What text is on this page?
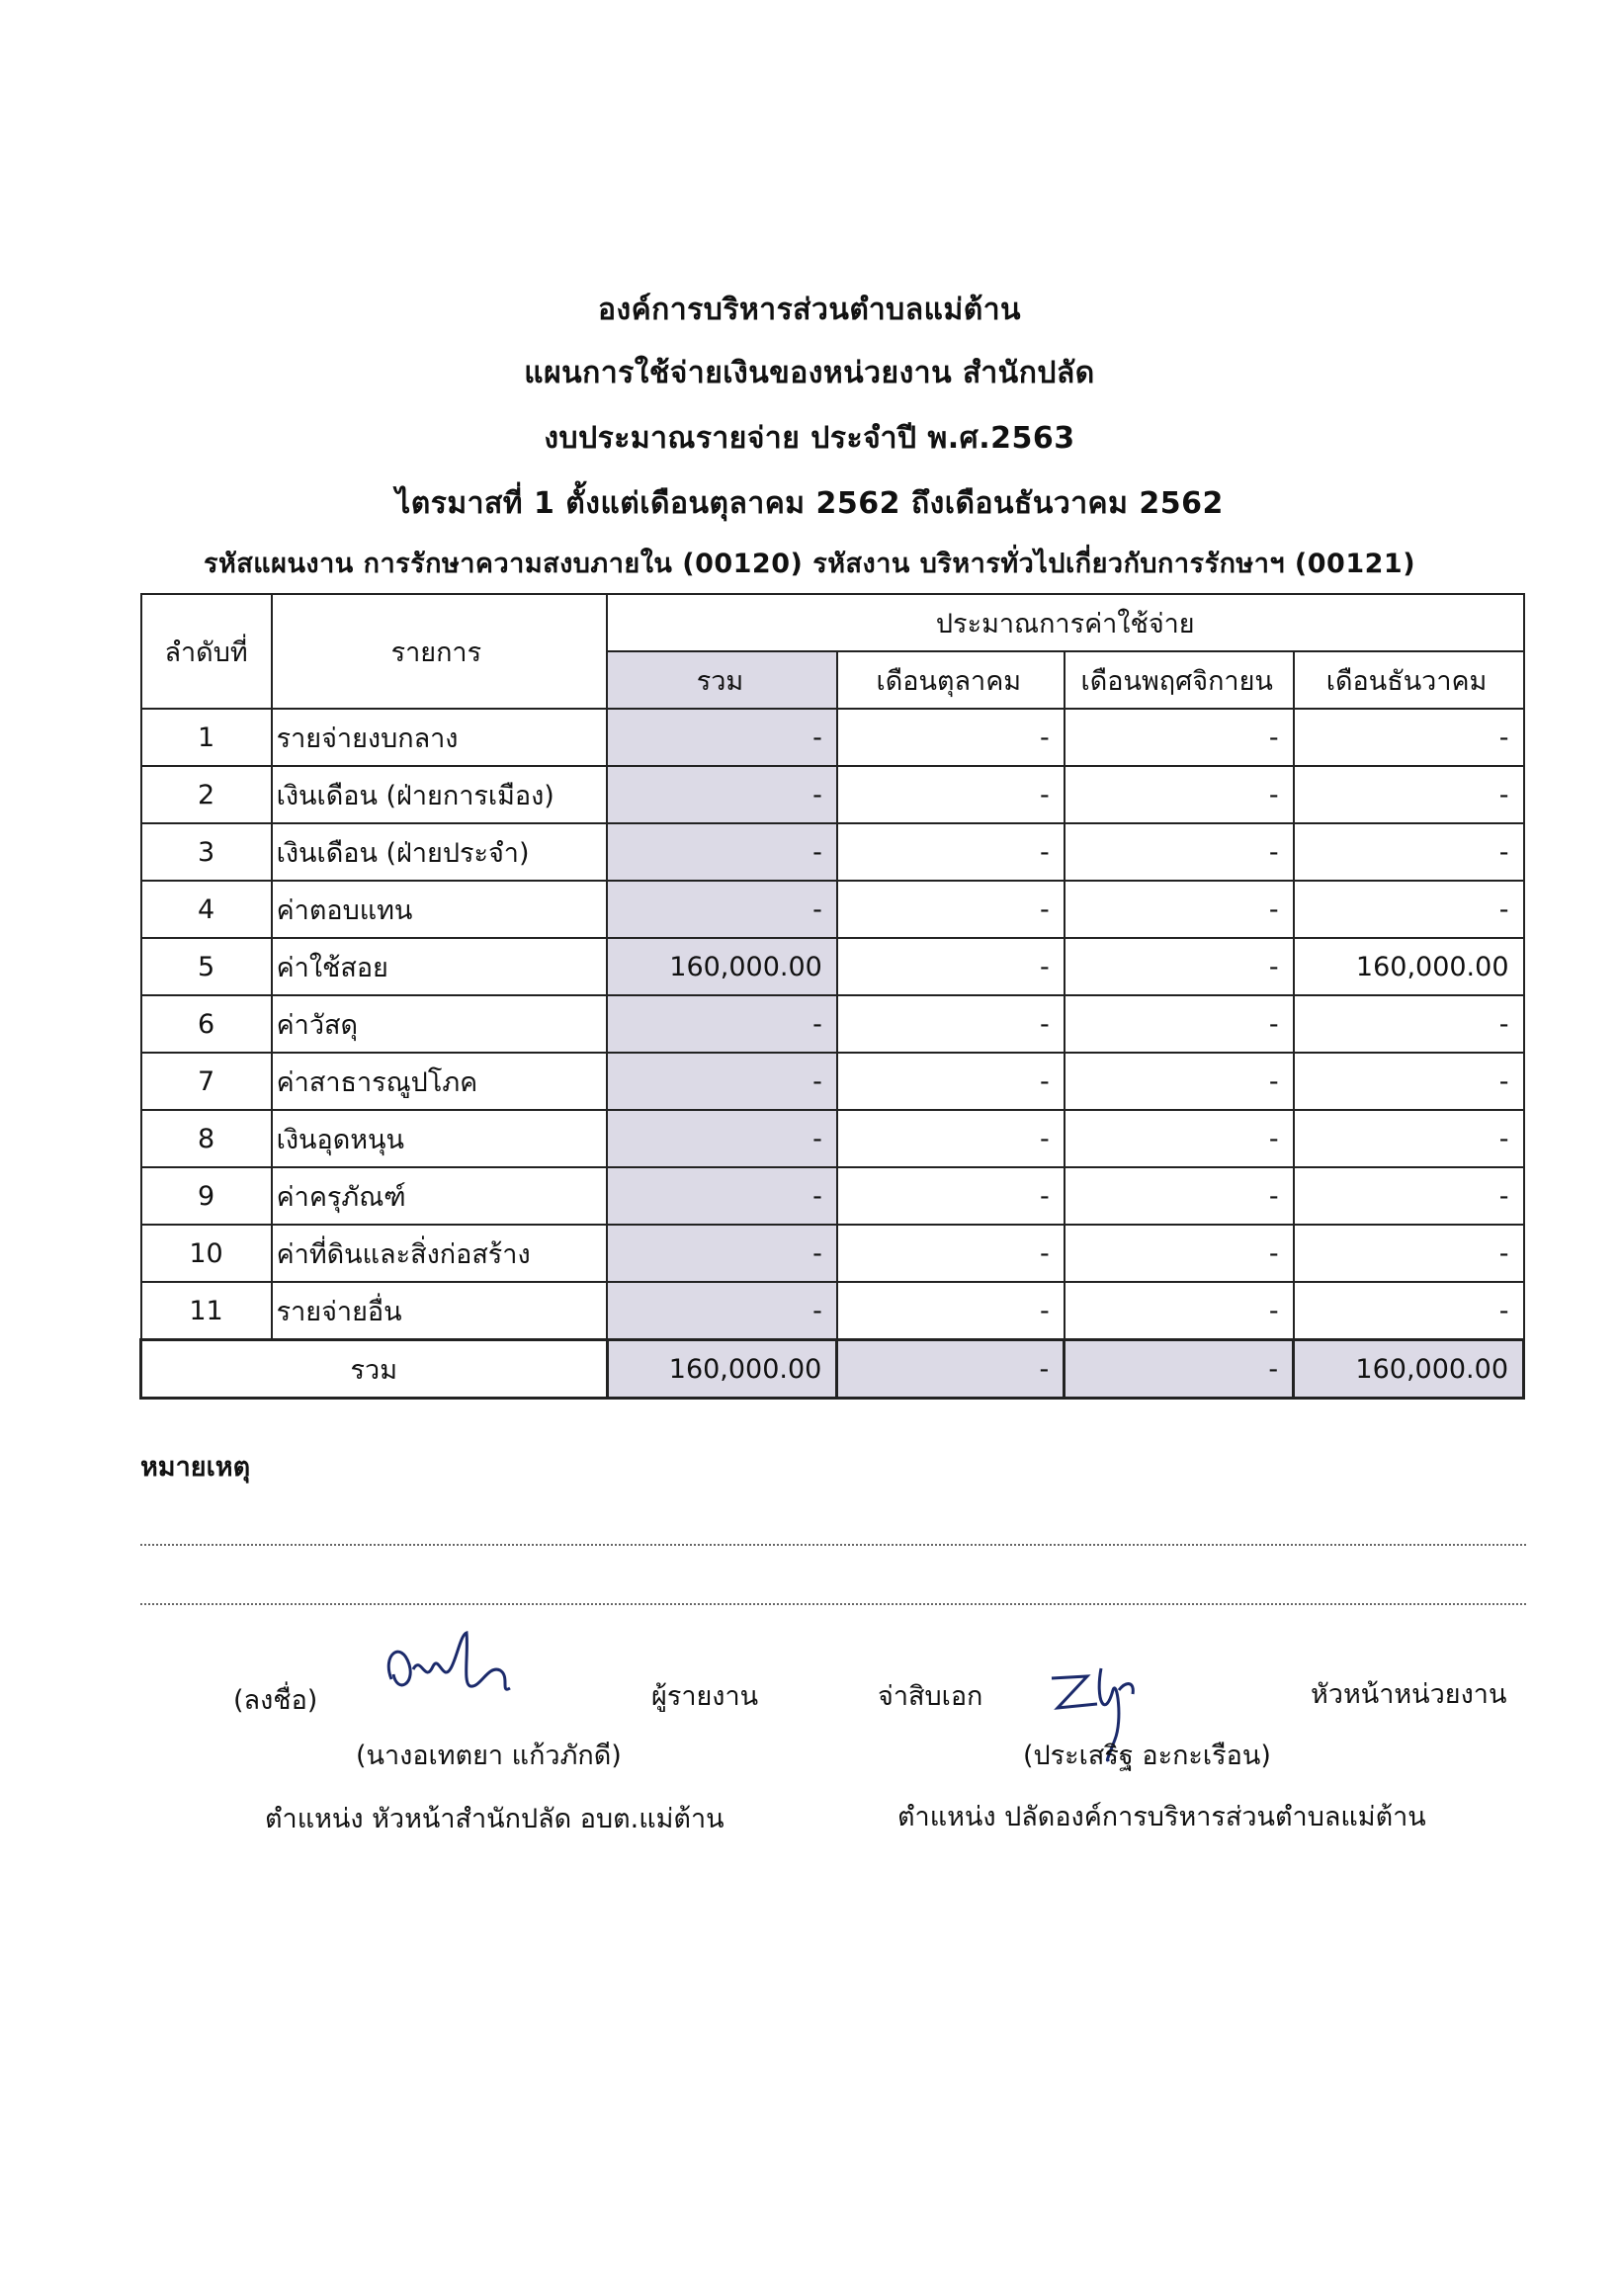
องค์การบริหารส่วนตำบลแม่ต้าน
แผนการใช้จ่ายเงินของหน่วยงาน สำนักปลัด
งบประมาณรายจ่าย ประจำปี พ.ศ.2563
ไตรมาสที่ 1 ตั้งแต่เดือนตุลาคม 2562 ถึงเดือนธันวาคม 2562
รหัสแผนงาน การรักษาความสงบภายใน (00120) รหัสงาน บริหารทั่วไปเกี่ยวกับการรักษาฯ (00121)
ลำดับที่	รายการ	ประมาณการค่าใช้จ่าย			
		รวม	เดือนตุลาคม	เดือนพฤศจิกายน	เดือนธันวาคม
1	รายจ่ายงบกลาง	-	-	-	-
2	เงินเดือน (ฝ่ายการเมือง)	-	-	-	-
3	เงินเดือน (ฝ่ายประจำ)	-	-	-	-
4	ค่าตอบแทน	-	-	-	-
5	ค่าใช้สอย	160,000.00	-	-	160,000.00
6	ค่าวัสดุ	-	-	-	-
7	ค่าสาธารณูปโภค	-	-	-	-
8	เงินอุดหนุน	-	-	-	-
9	ค่าครุภัณฑ์	-	-	-	-
10	ค่าที่ดินและสิ่งก่อสร้าง	-	-	-	-
11	รายจ่ายอื่น	-	-	-	-
รวม		160,000.00	-	-	160,000.00
หมายเหตุ
(ลงชื่อ)	ผู้รายงาน
(นางอเทตยา แก้วภักดี)
ตำแหน่ง หัวหน้าสำนักปลัด อบต.แม่ต้าน
จ่าสิบเอก	หัวหน้าหน่วยงาน
(ประเสริฐ อะกะเรือน)
ตำแหน่ง ปลัดองค์การบริหารส่วนตำบลแม่ต้าน
